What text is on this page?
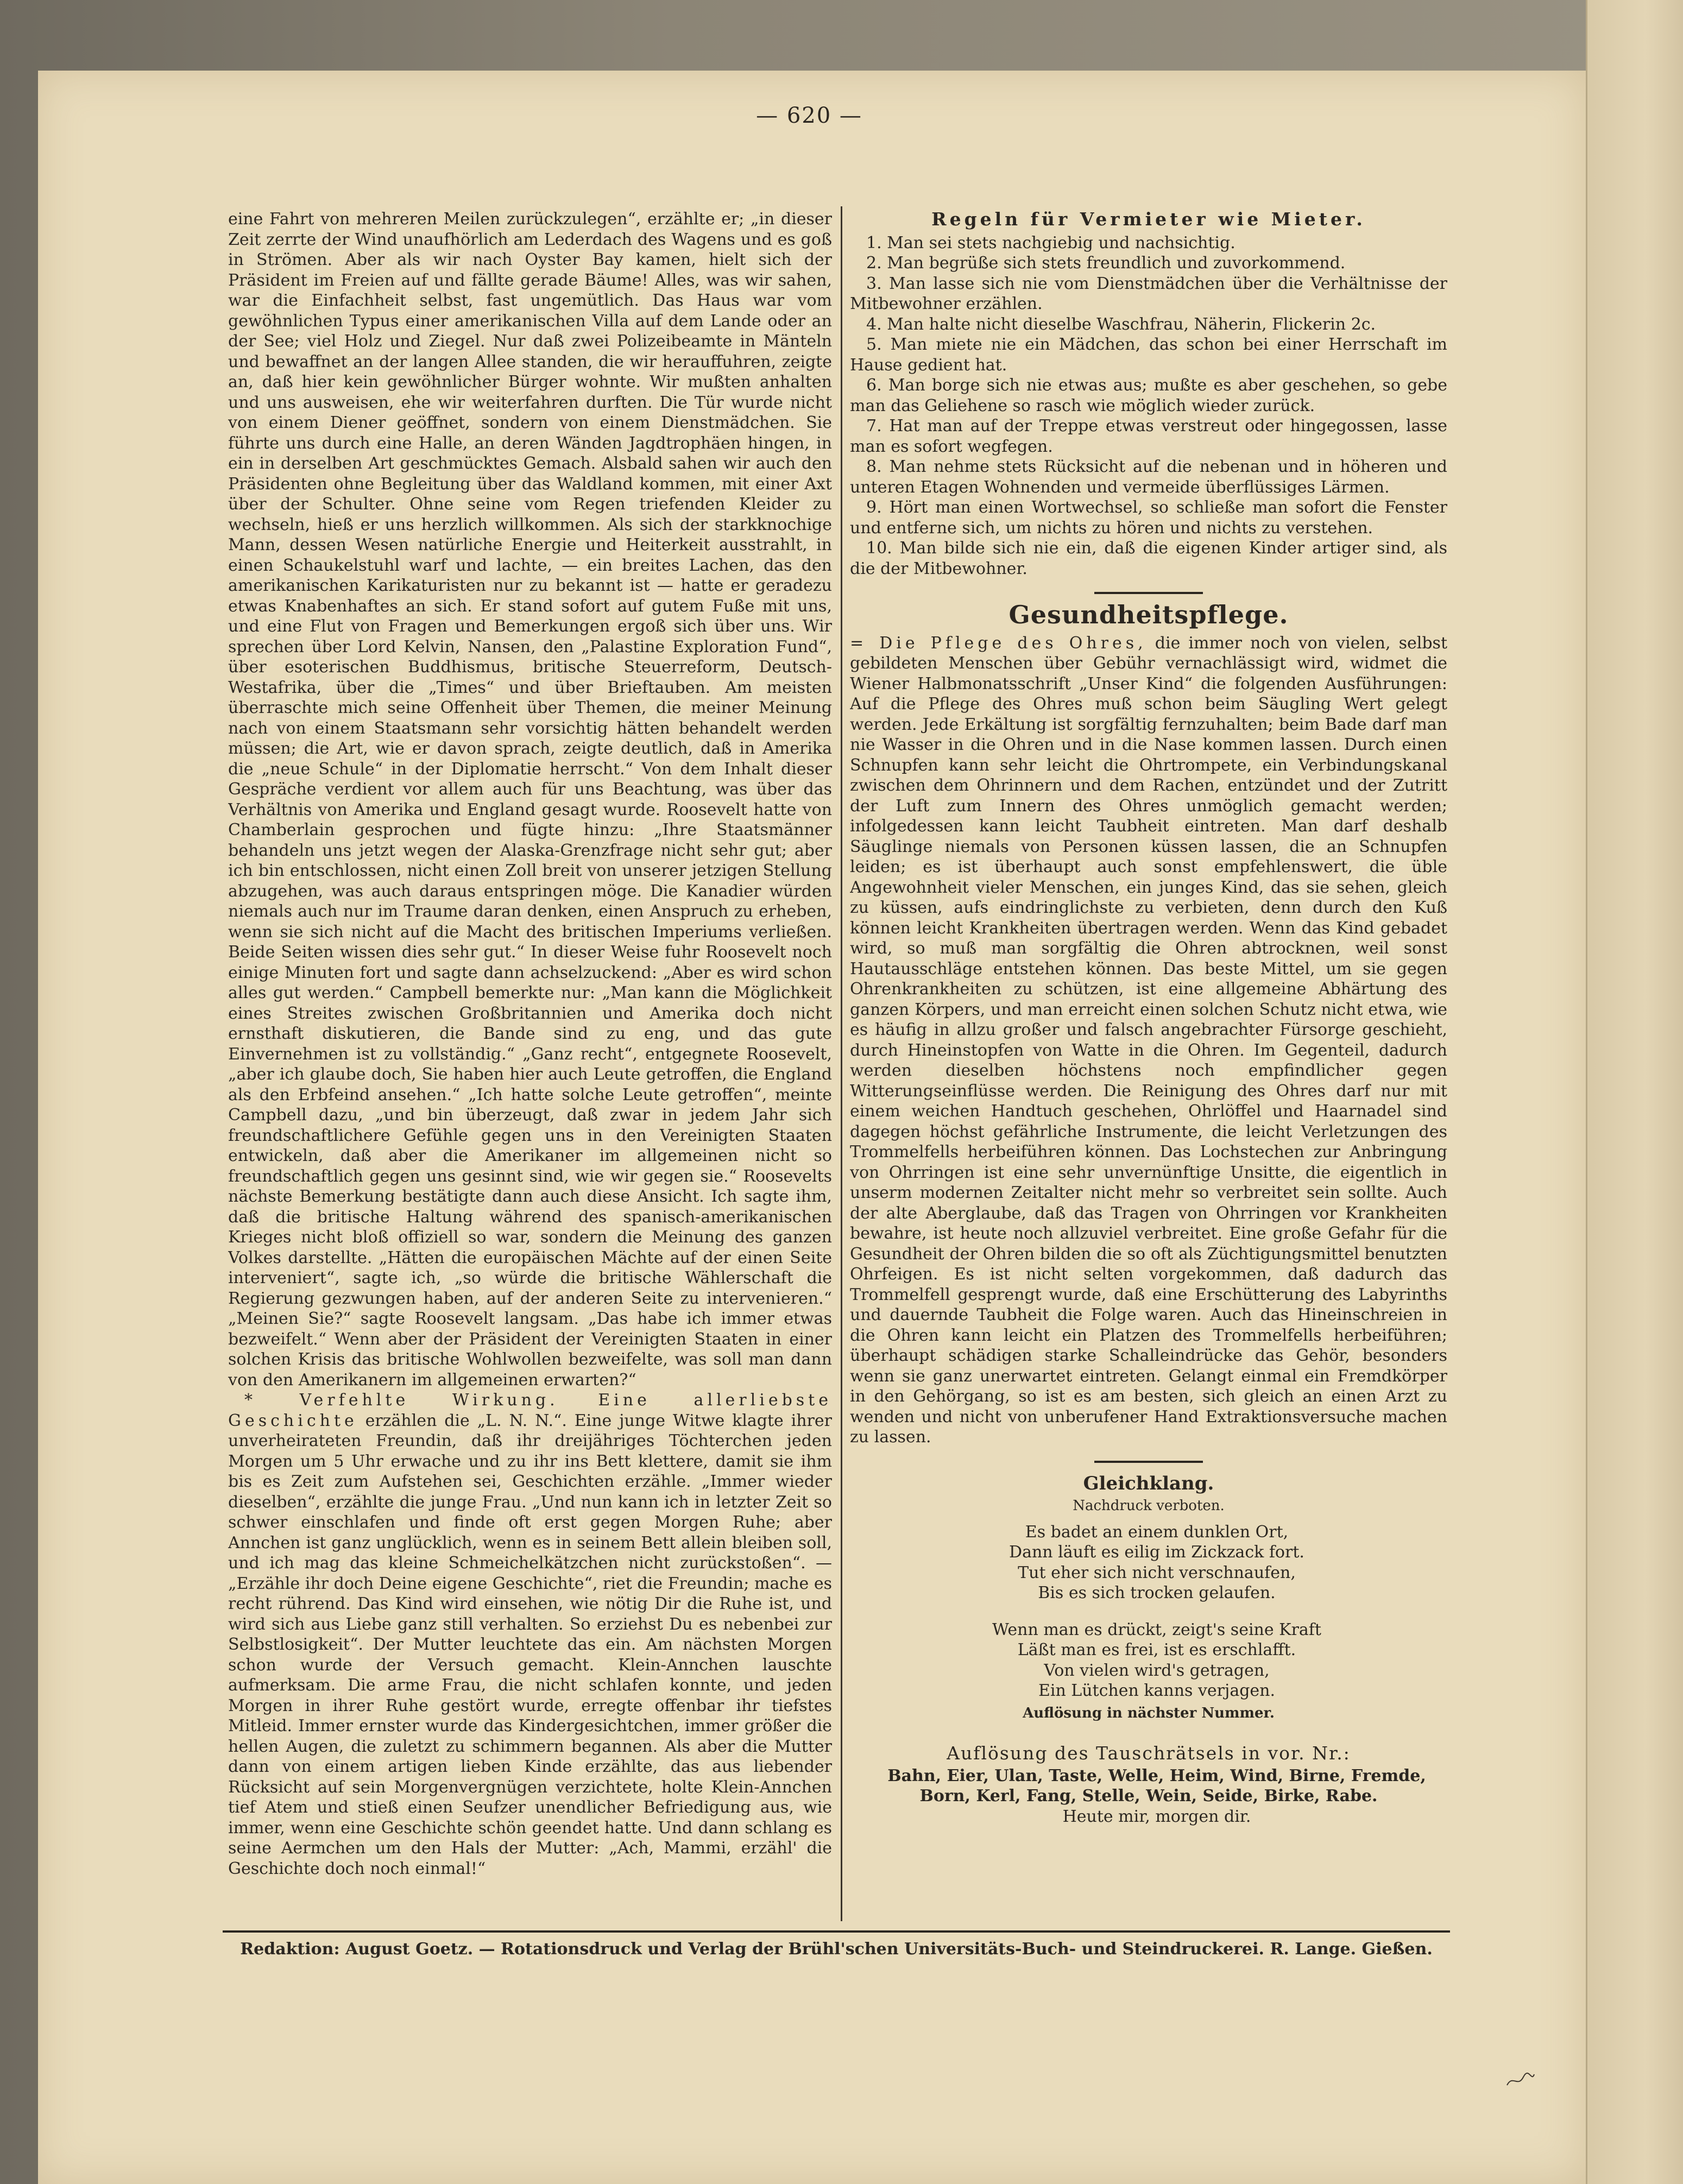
— 620 —

eine Fahrt von mehreren Meilen zurückzulegen“, erzählte er; „in dieser Zeit zerrte der Wind unaufhörlich am Lederdach des Wagens und es goß in Strömen. Aber als wir nach Oyster Bay kamen, hielt sich der Präsident im Freien auf und fällte gerade Bäume! Alles, was wir sahen, war die Einfachheit selbst, fast ungemütlich. Das Haus war vom gewöhnlichen Typus einer amerikanischen Villa auf dem Lande oder an der See; viel Holz und Ziegel. Nur daß zwei Polizeibeamte in Mänteln und bewaffnet an der langen Allee standen, die wir herauffuhren, zeigte an, daß hier kein gewöhnlicher Bürger wohnte. Wir mußten anhalten und uns ausweisen, ehe wir weiterfahren durften. Die Tür wurde nicht von einem Diener geöffnet, sondern von einem Dienstmädchen. Sie führte uns durch eine Halle, an deren Wänden Jagdtrophäen hingen, in ein in derselben Art geschmücktes Gemach. Alsbald sahen wir auch den Präsidenten ohne Begleitung über das Waldland kommen, mit einer Axt über der Schulter. Ohne seine vom Regen triefenden Kleider zu wechseln, hieß er uns herzlich willkommen. Als sich der starkknochige Mann, dessen Wesen natürliche Energie und Heiterkeit ausstrahlt, in einen Schaukelstuhl warf und lachte, — ein breites Lachen, das den amerikanischen Karikaturisten nur zu bekannt ist — hatte er geradezu etwas Knabenhaftes an sich. Er stand sofort auf gutem Fuße mit uns, und eine Flut von Fragen und Bemerkungen ergoß sich über uns. Wir sprechen über Lord Kelvin, Nansen, den „Palastine Exploration Fund“, über esoterischen Buddhismus, britische Steuerreform, Deutsch-Westafrika, über die „Times“ und über Brieftauben. Am meisten überraschte mich seine Offenheit über Themen, die meiner Meinung nach von einem Staatsmann sehr vorsichtig hätten behandelt werden müssen; die Art, wie er davon sprach, zeigte deutlich, daß in Amerika die „neue Schule“ in der Diplomatie herrscht.“ Von dem Inhalt dieser Gespräche verdient vor allem auch für uns Beachtung, was über das Verhältnis von Amerika und England gesagt wurde. Roosevelt hatte von Chamberlain gesprochen und fügte hinzu: „Ihre Staatsmänner behandeln uns jetzt wegen der Alaska-Grenzfrage nicht sehr gut; aber ich bin entschlossen, nicht einen Zoll breit von unserer jetzigen Stellung abzugehen, was auch daraus entspringen möge. Die Kanadier würden niemals auch nur im Traume daran denken, einen Anspruch zu erheben, wenn sie sich nicht auf die Macht des britischen Imperiums verließen. Beide Seiten wissen dies sehr gut.“ In dieser Weise fuhr Roosevelt noch einige Minuten fort und sagte dann achselzuckend: „Aber es wird schon alles gut werden.“ Campbell bemerkte nur: „Man kann die Möglichkeit eines Streites zwischen Großbritannien und Amerika doch nicht ernsthaft diskutieren, die Bande sind zu eng, und das gute Einvernehmen ist zu vollständig.“ „Ganz recht“, entgegnete Roosevelt, „aber ich glaube doch, Sie haben hier auch Leute getroffen, die England als den Erbfeind ansehen.“ „Ich hatte solche Leute getroffen“, meinte Campbell dazu, „und bin überzeugt, daß zwar in jedem Jahr sich freundschaftlichere Gefühle gegen uns in den Vereinigten Staaten entwickeln, daß aber die Amerikaner im allgemeinen nicht so freundschaftlich gegen uns gesinnt sind, wie wir gegen sie.“ Roosevelts nächste Bemerkung bestätigte dann auch diese Ansicht. Ich sagte ihm, daß die britische Haltung während des spanisch-amerikanischen Krieges nicht bloß offiziell so war, sondern die Meinung des ganzen Volkes darstellte. „Hätten die europäischen Mächte auf der einen Seite interveniert“, sagte ich, „so würde die britische Wählerschaft die Regierung gezwungen haben, auf der anderen Seite zu intervenieren.“ „Meinen Sie?“ sagte Roosevelt langsam. „Das habe ich immer etwas bezweifelt.“ Wenn aber der Präsident der Vereinigten Staaten in einer solchen Krisis das britische Wohlwollen bezweifelte, was soll man dann von den Amerikanern im allgemeinen erwarten?“

* Verfehlte Wirkung. Eine allerliebste Geschichte erzählen die „L. N. N.“. Eine junge Witwe klagte ihrer unverheirateten Freundin, daß ihr dreijähriges Töchterchen jeden Morgen um 5 Uhr erwache und zu ihr ins Bett klettere, damit sie ihm bis es Zeit zum Aufstehen sei, Geschichten erzähle. „Immer wieder dieselben“, erzählte die junge Frau. „Und nun kann ich in letzter Zeit so schwer einschlafen und finde oft erst gegen Morgen Ruhe; aber Annchen ist ganz unglücklich, wenn es in seinem Bett allein bleiben soll, und ich mag das kleine Schmeichelkätzchen nicht zurückstoßen“. — „Erzähle ihr doch Deine eigene Geschichte“, riet die Freundin; mache es recht rührend. Das Kind wird einsehen, wie nötig Dir die Ruhe ist, und wird sich aus Liebe ganz still verhalten. So erziehst Du es nebenbei zur Selbstlosigkeit“. Der Mutter leuchtete das ein. Am nächsten Morgen schon wurde der Versuch gemacht. Klein-Annchen lauschte aufmerksam. Die arme Frau, die nicht schlafen konnte, und jeden Morgen in ihrer Ruhe gestört wurde, erregte offenbar ihr tiefstes Mitleid. Immer ernster wurde das Kindergesichtchen, immer größer die hellen Augen, die zuletzt zu schimmern begannen. Als aber die Mutter dann von einem artigen lieben Kinde erzählte, das aus liebender Rücksicht auf sein Morgenvergnügen verzichtete, holte Klein-Annchen tief Atem und stieß einen Seufzer unendlicher Befriedigung aus, wie immer, wenn eine Geschichte schön geendet hatte. Und dann schlang es seine Aermchen um den Hals der Mutter: „Ach, Mammi, erzähl' die Geschichte doch noch einmal!“

Regeln für Vermieter wie Mieter.

1. Man sei stets nachgiebig und nachsichtig.

2. Man begrüße sich stets freundlich und zuvorkommend.

3. Man lasse sich nie vom Dienstmädchen über die Verhältnisse der Mitbewohner erzählen.

4. Man halte nicht dieselbe Waschfrau, Näherin, Flickerin 2c.

5. Man miete nie ein Mädchen, das schon bei einer Herrschaft im Hause gedient hat.

6. Man borge sich nie etwas aus; mußte es aber geschehen, so gebe man das Geliehene so rasch wie möglich wieder zurück.

7. Hat man auf der Treppe etwas verstreut oder hingegossen, lasse man es sofort wegfegen.

8. Man nehme stets Rücksicht auf die nebenan und in höheren und unteren Etagen Wohnenden und vermeide überflüssiges Lärmen.

9. Hört man einen Wortwechsel, so schließe man sofort die Fenster und entferne sich, um nichts zu hören und nichts zu verstehen.

10. Man bilde sich nie ein, daß die eigenen Kinder artiger sind, als die der Mitbewohner.

Gesundheitspflege.

= Die Pflege des Ohres, die immer noch von vielen, selbst gebildeten Menschen über Gebühr vernachlässigt wird, widmet die Wiener Halbmonatsschrift „Unser Kind“ die folgenden Ausführungen: Auf die Pflege des Ohres muß schon beim Säugling Wert gelegt werden. Jede Erkältung ist sorgfältig fernzuhalten; beim Bade darf man nie Wasser in die Ohren und in die Nase kommen lassen. Durch einen Schnupfen kann sehr leicht die Ohrtrompete, ein Verbindungskanal zwischen dem Ohrinnern und dem Rachen, entzündet und der Zutritt der Luft zum Innern des Ohres unmöglich gemacht werden; infolgedessen kann leicht Taubheit eintreten. Man darf deshalb Säuglinge niemals von Personen küssen lassen, die an Schnupfen leiden; es ist überhaupt auch sonst empfehlenswert, die üble Angewohnheit vieler Menschen, ein junges Kind, das sie sehen, gleich zu küssen, aufs eindringlichste zu verbieten, denn durch den Kuß können leicht Krankheiten übertragen werden. Wenn das Kind gebadet wird, so muß man sorgfältig die Ohren abtrocknen, weil sonst Hautausschläge entstehen können. Das beste Mittel, um sie gegen Ohrenkrankheiten zu schützen, ist eine allgemeine Abhärtung des ganzen Körpers, und man erreicht einen solchen Schutz nicht etwa, wie es häufig in allzu großer und falsch angebrachter Fürsorge geschieht, durch Hineinstopfen von Watte in die Ohren. Im Gegenteil, dadurch werden dieselben höchstens noch empfindlicher gegen Witterungseinflüsse werden. Die Reinigung des Ohres darf nur mit einem weichen Handtuch geschehen, Ohrlöffel und Haarnadel sind dagegen höchst gefährliche Instrumente, die leicht Verletzungen des Trommelfells herbeiführen können. Das Lochstechen zur Anbringung von Ohrringen ist eine sehr unvernünftige Unsitte, die eigentlich in unserm modernen Zeitalter nicht mehr so verbreitet sein sollte. Auch der alte Aberglaube, daß das Tragen von Ohrringen vor Krankheiten bewahre, ist heute noch allzuviel verbreitet. Eine große Gefahr für die Gesundheit der Ohren bilden die so oft als Züchtigungsmittel benutzten Ohrfeigen. Es ist nicht selten vorgekommen, daß dadurch das Trommelfell gesprengt wurde, daß eine Erschütterung des Labyrinths und dauernde Taubheit die Folge waren. Auch das Hineinschreien in die Ohren kann leicht ein Platzen des Trommelfells herbeiführen; überhaupt schädigen starke Schalleindrücke das Gehör, besonders wenn sie ganz unerwartet eintreten. Gelangt einmal ein Fremdkörper in den Gehörgang, so ist es am besten, sich gleich an einen Arzt zu wenden und nicht von unberufener Hand Extraktionsversuche machen zu lassen.

Gleichklang.
Nachdruck verboten.

Es badet an einem dunklen Ort,

Dann läuft es eilig im Zickzack fort.

Tut eher sich nicht verschnaufen,

Bis es sich trocken gelaufen.

Wenn man es drückt, zeigt's seine Kraft

Läßt man es frei, ist es erschlafft.

Von vielen wird's getragen,

Ein Lütchen kanns verjagen.

Auflösung in nächster Nummer.
Auflösung des Tauschrätsels in vor. Nr.:

Bahn, Eier, Ulan, Taste, Welle, Heim, Wind, Birne, Fremde, Born, Kerl, Fang, Stelle, Wein, Seide, Birke, Rabe.

Heute mir, morgen dir.

Redaktion: August Goetz. — Rotationsdruck und Verlag der Brühl'schen Universitäts-Buch- und Steindruckerei. R. Lange. Gießen.
